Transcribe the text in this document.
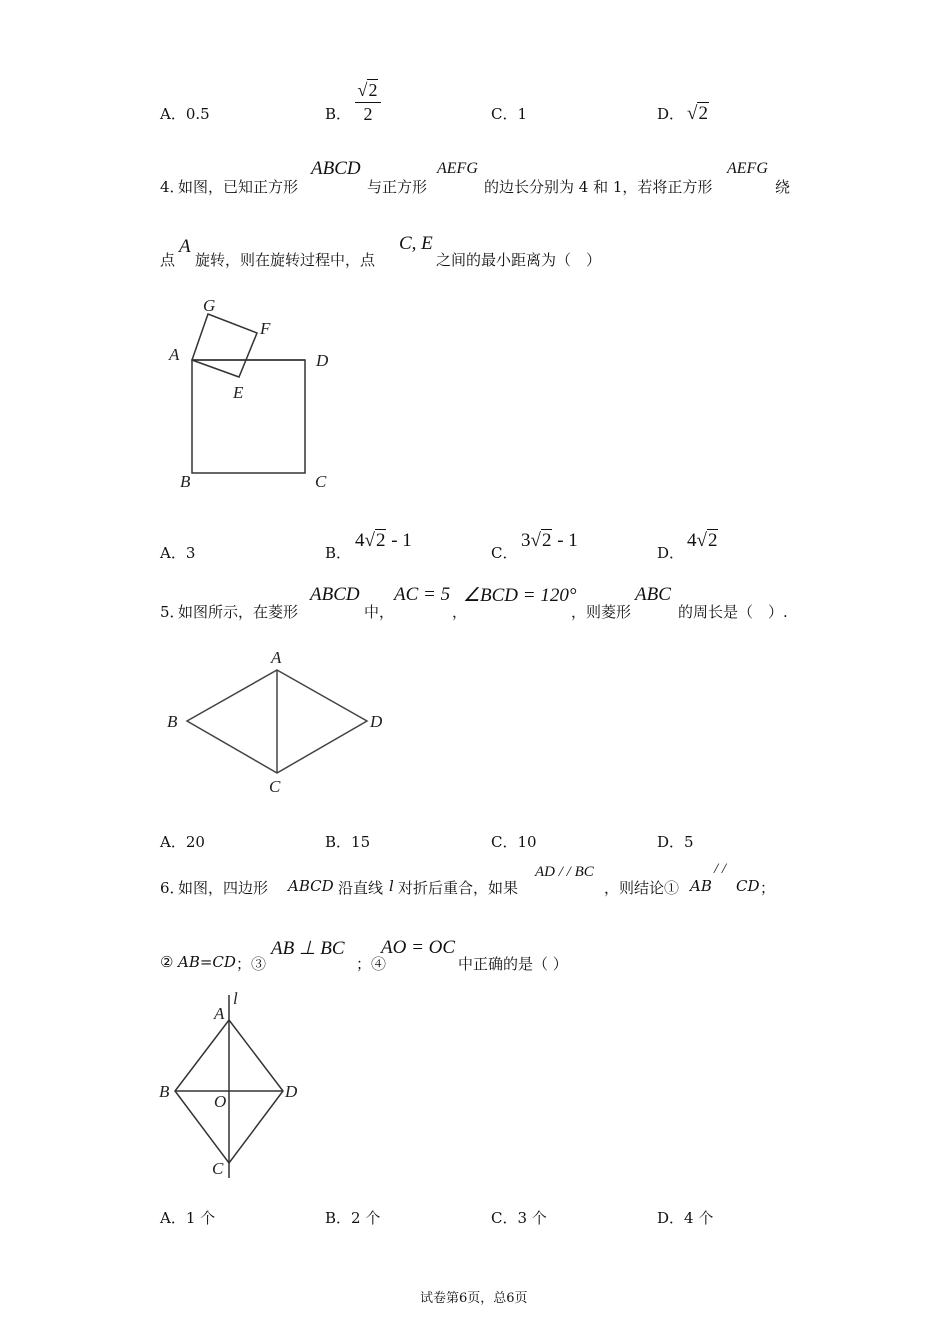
A．0.5	B．
√2
2	C．1	D． √2
4．
如图，已知正方形
ABCD
与正方形
AEFG
的边长分别为 4 和 1，若将正方形
AEFG
绕
点
A
旋转，则在旋转过程中，点
C, E
之间的最小距离为（　）
G
F
A	D
E
B	C
A．3	B．
4√2 - 1
C．
3√2 - 1
D．
4√2
5．
如图所示，在菱形
ABCD
中，
AC = 5
，
∠BCD = 120°
，则菱形
ABC
的周长是（　）.
A
B
C
D
A．20	B．15	C．10	D．5
6．
如图，四边形 ABCD 沿直线 l 对折后重合，如果
AD / / BC
，则结论① AB
/ /
CD ；
② AB=CD ；③
AB ⊥ BC
；④
AO = OC
中正确的是（ ）
l
A
B
O
D
C
A．1 个	B．2 个	C．3 个	D．4 个
试卷第6页，总6页
